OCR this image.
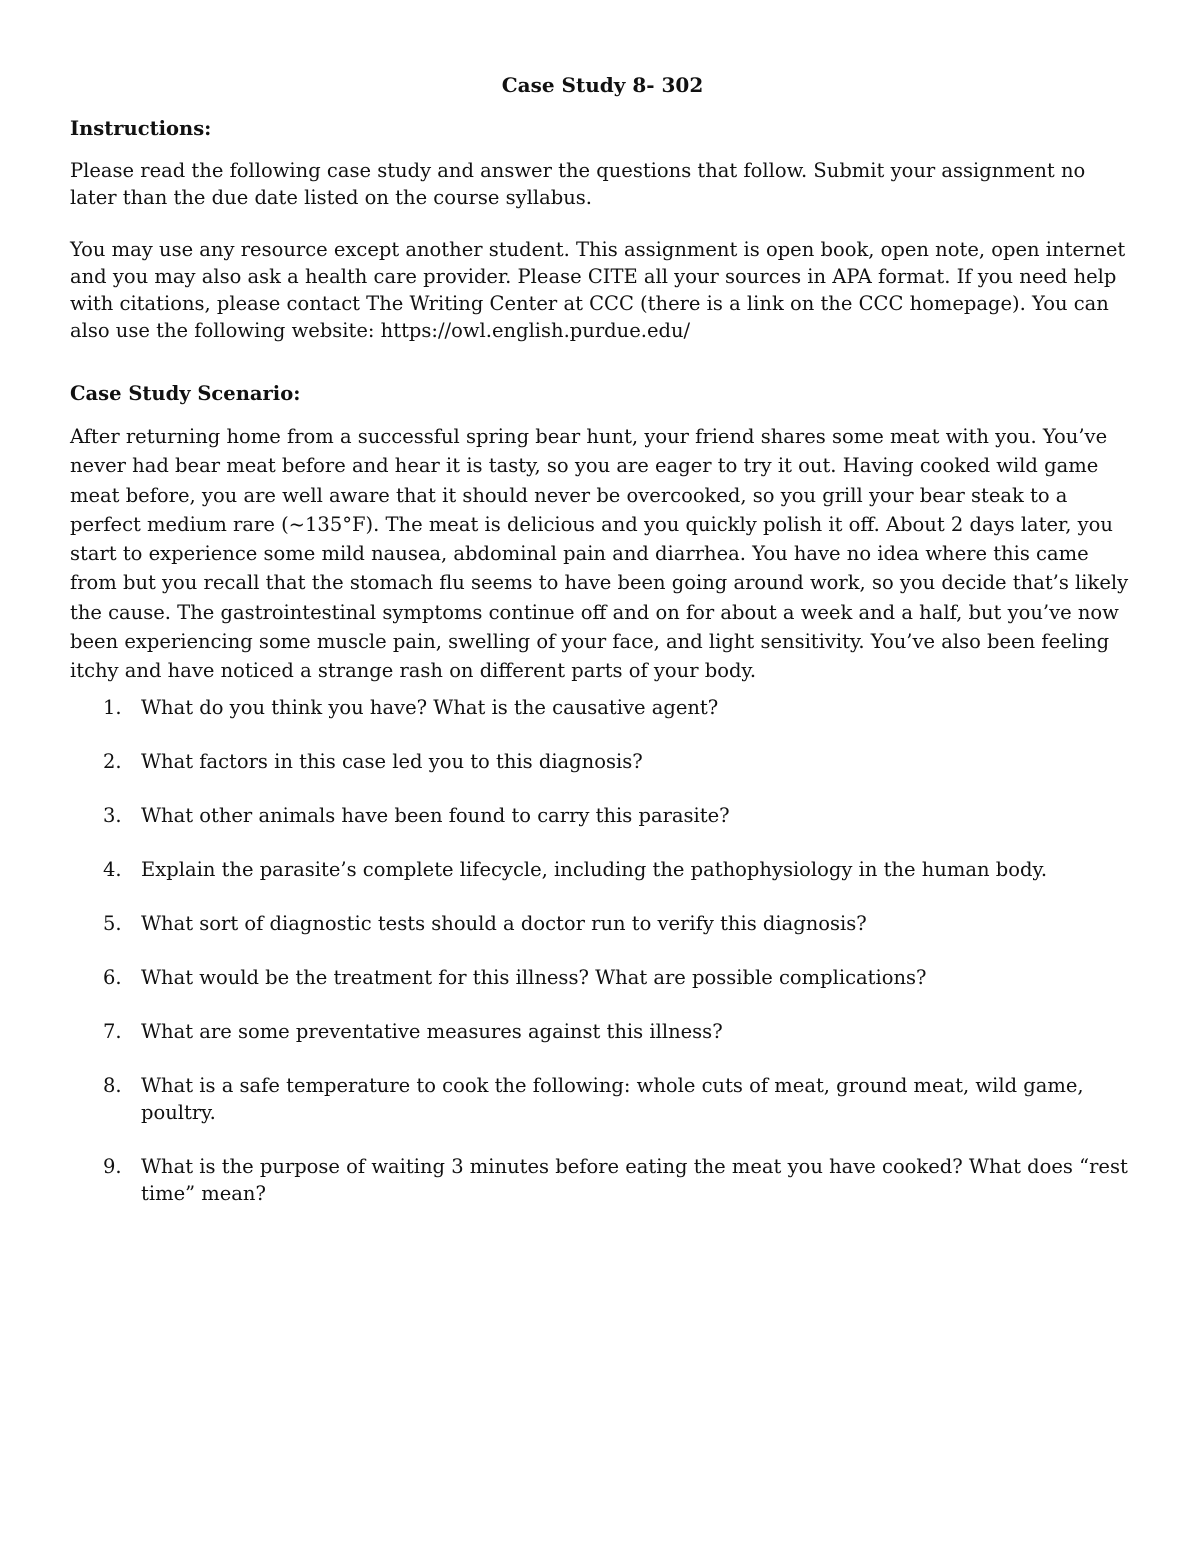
Case Study 8- 302
Instructions:

Please read the following case study and answer the questions that follow. Submit your assignment no later than the due date listed on the course syllabus.

You may use any resource except another student. This assignment is open book, open note, open internet and you may also ask a health care provider. Please CITE all your sources in APA format. If you need help with citations, please contact The Writing Center at CCC (there is a link on the CCC homepage). You can also use the following website: https://owl.english.purdue.edu/

Case Study Scenario:

After returning home from a successful spring bear hunt, your friend shares some meat with you. You’ve never had bear meat before and hear it is tasty, so you are eager to try it out. Having cooked wild game meat before, you are well aware that it should never be overcooked, so you grill your bear steak to a perfect medium rare (~135°F). The meat is delicious and you quickly polish it off. About 2 days later, you start to experience some mild nausea, abdominal pain and diarrhea. You have no idea where this came from but you recall that the stomach flu seems to have been going around work, so you decide that’s likely the cause. The gastrointestinal symptoms continue off and on for about a week and a half, but you’ve now been experiencing some muscle pain, swelling of your face, and light sensitivity. You’ve also been feeling itchy and have noticed a strange rash on different parts of your body.

1. What do you think you have? What is the causative agent?
2. What factors in this case led you to this diagnosis?
3. What other animals have been found to carry this parasite?
4. Explain the parasite’s complete lifecycle, including the pathophysiology in the human body.
5. What sort of diagnostic tests should a doctor run to verify this diagnosis?
6. What would be the treatment for this illness? What are possible complications?
7. What are some preventative measures against this illness?
8. What is a safe temperature to cook the following: whole cuts of meat, ground meat, wild game, poultry.
9. What is the purpose of waiting 3 minutes before eating the meat you have cooked? What does “rest time” mean?
